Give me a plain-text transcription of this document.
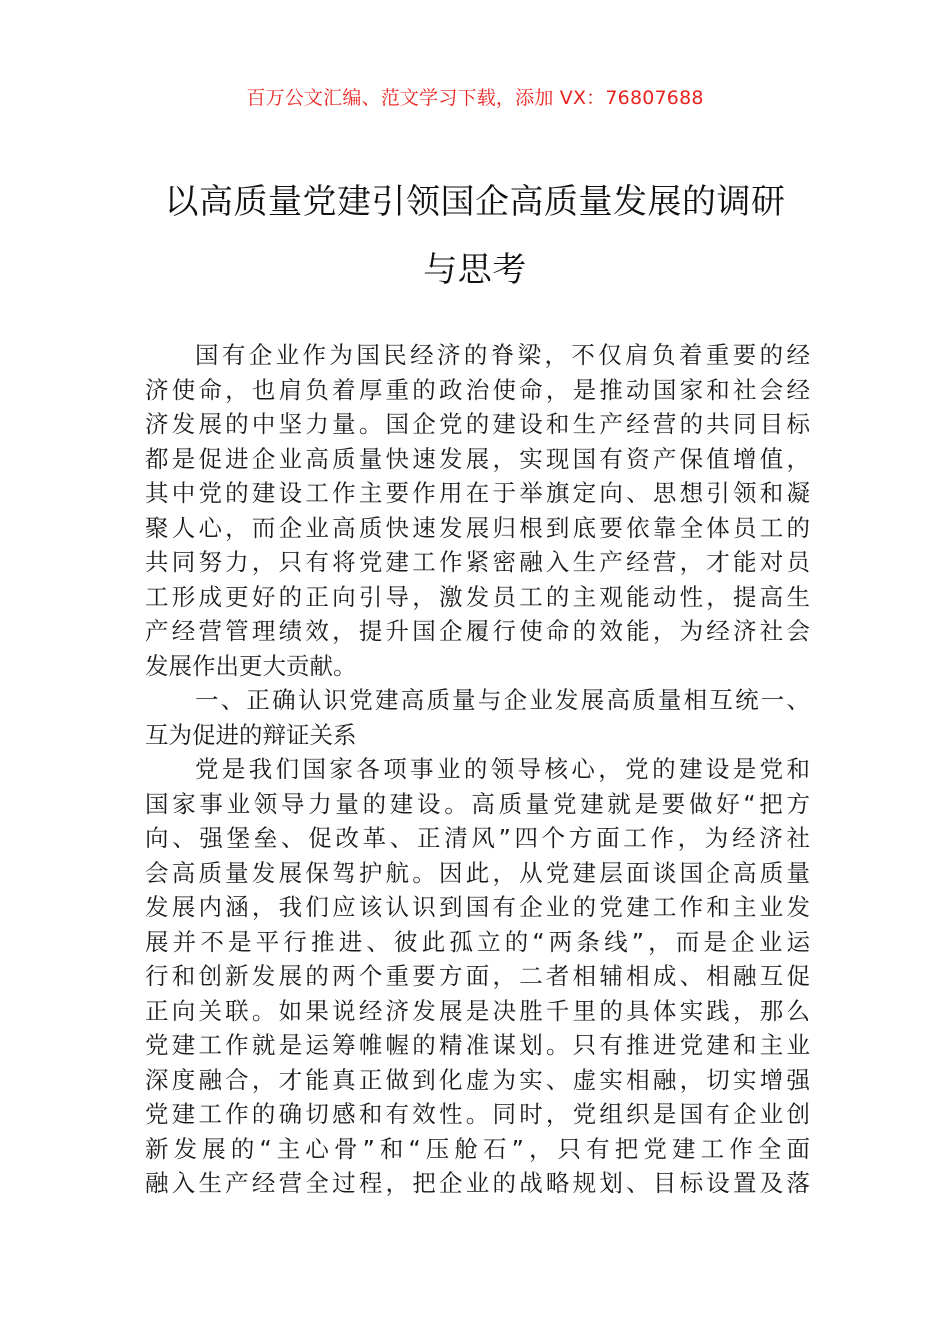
百万公文汇编、范文学习下载，添加 VX：76807688
以高质量党建引领国企高质量发展的调研
与思考
国有企业作为国民经济的脊梁，不仅肩负着重要的经
济使命，也肩负着厚重的政治使命，是推动国家和社会经
济发展的中坚力量。国企党的建设和生产经营的共同目标
都是促进企业高质量快速发展，实现国有资产保值增值，
其中党的建设工作主要作用在于举旗定向、思想引领和凝
聚人心，而企业高质快速发展归根到底要依靠全体员工的
共同努力，只有将党建工作紧密融入生产经营，才能对员
工形成更好的正向引导，激发员工的主观能动性，提高生
产经营管理绩效，提升国企履行使命的效能，为经济社会
发展作出更大贡献。
一、正确认识党建高质量与企业发展高质量相互统一、
互为促进的辩证关系
党是我们国家各项事业的领导核心，党的建设是党和
国家事业领导力量的建设。高质量党建就是要做好“把方
向、强堡垒、促改革、正清风”四个方面工作，为经济社
会高质量发展保驾护航。因此，从党建层面谈国企高质量
发展内涵，我们应该认识到国有企业的党建工作和主业发
展并不是平行推进、彼此孤立的“两条线”，而是企业运
行和创新发展的两个重要方面，二者相辅相成、相融互促
正向关联。如果说经济发展是决胜千里的具体实践，那么
党建工作就是运筹帷幄的精准谋划。只有推进党建和主业
深度融合，才能真正做到化虚为实、虚实相融，切实增强
党建工作的确切感和有效性。同时，党组织是国有企业创
新发展的“主心骨”和“压舱石”，只有把党建工作全面
融入生产经营全过程，把企业的战略规划、目标设置及落
